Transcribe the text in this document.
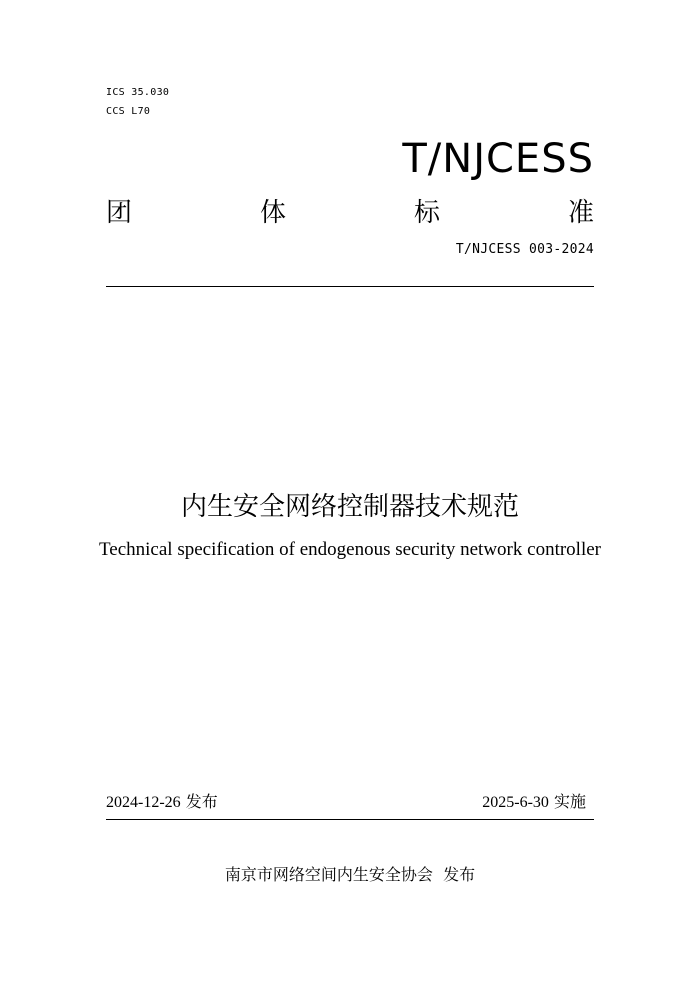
ICS 35.030
CCS L70
T/NJCESS
团	体	标	准
T/NJCESS 003-2024
内生安全网络控制器技术规范
Technical specification of endogenous security network controller
2024-12-26 发布	2025-6-30 实施
南京市网络空间内生安全协会 发布
